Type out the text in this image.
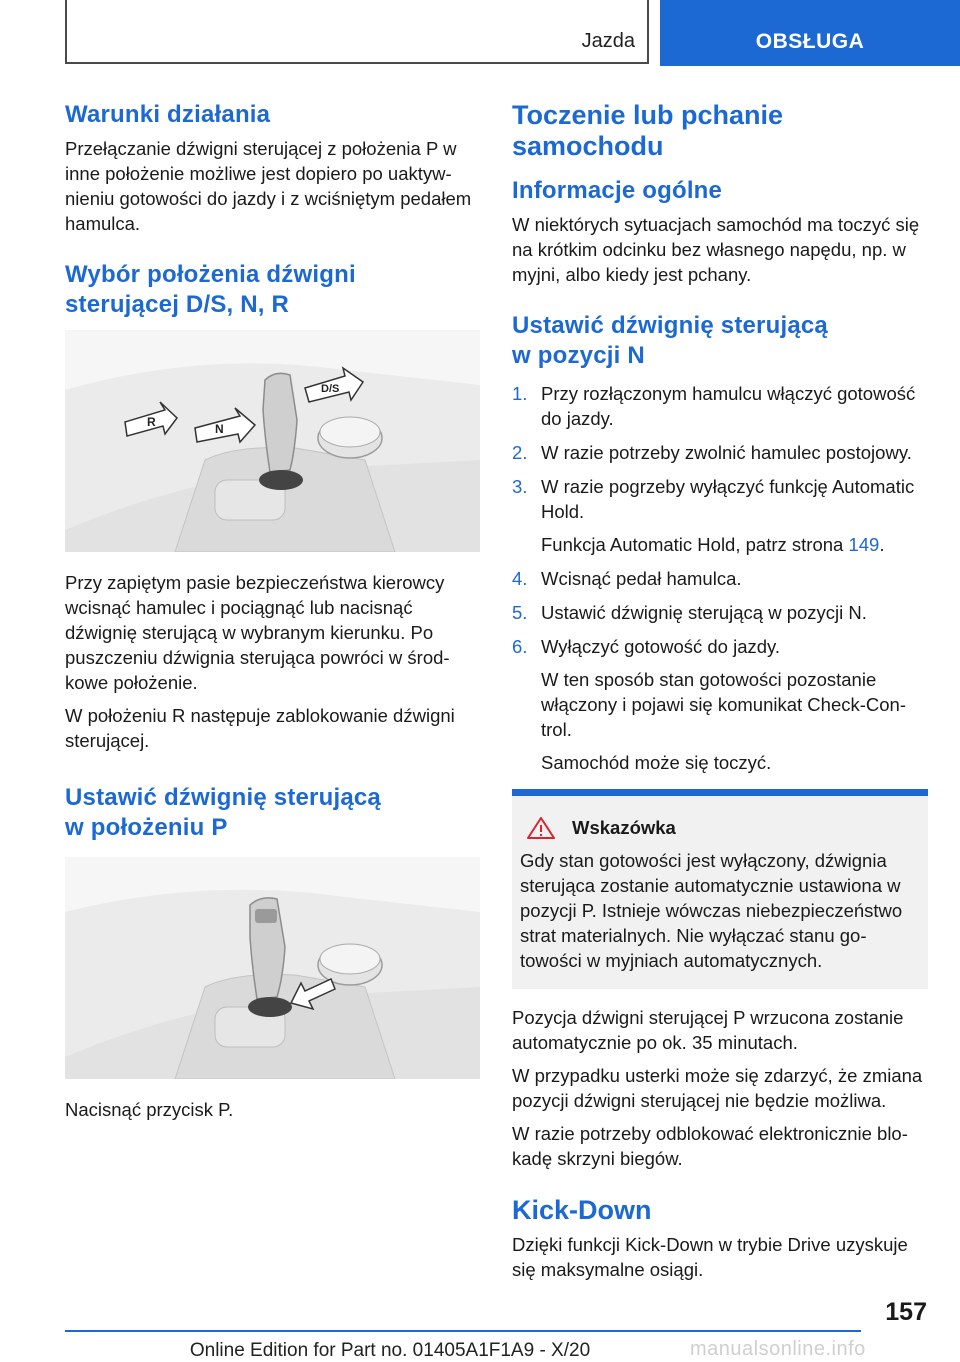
Jazda	OBSŁUGA
Warunki działania

Przełączanie dźwigni sterującej z położenia P w inne położenie możliwe jest dopiero po uaktywnieniu gotowości do jazdy i z wciśniętym pedałem hamulca.

Wybór położenia dźwigni sterującej D/S, N, R
R	N
D/S

Przy zapiętym pasie bezpieczeństwa kierowcy wcisnąć hamulec i pociągnąć lub nacisnąć dźwignię sterującą w wybranym kierunku. Po puszczeniu dźwignia sterująca powróci w środkowe położenie.

W położeniu R następuje zablokowanie dźwigni sterującej.

Ustawić dźwignię sterującą
w położeniu P

Nacisnąć przycisk P.

Toczenie lub pchanie
samochodu
Informacje ogólne

W niektórych sytuacjach samochód ma toczyć się na krótkim odcinku bez własnego napędu, np. w myjni, albo kiedy jest pchany.

Ustawić dźwignię sterującą
w pozycji N
1. Przy rozłączonym hamulcu włączyć gotowość do jazdy.
2. W razie potrzeby zwolnić hamulec postojowy.
3. W razie pogrzeby wyłączyć funkcję Automatic Hold.
Funkcja Automatic Hold, patrz strona 149.
4. Wcisnąć pedał hamulca.
5. Ustawić dźwignię sterującą w pozycji N.
6. Wyłączyć gotowość do jazdy.
W ten sposób stan gotowości pozostanie włączony i pojawi się komunikat Check-Control.
Samochód może się toczyć.
Wskazówka

Gdy stan gotowości jest wyłączony, dźwignia sterująca zostanie automatycznie ustawiona w pozycji P. Istnieje wówczas niebezpieczeństwo strat materialnych. Nie wyłączać stanu gotowości w myjniach automatycznych.

Pozycja dźwigni sterującej P wrzucona zostanie automatycznie po ok. 35 minutach.

W przypadku usterki może się zdarzyć, że zmiana pozycji dźwigni sterującej nie będzie możliwa.

W razie potrzeby odblokować elektronicznie blokadę skrzyni biegów.

Kick-Down

Dzięki funkcji Kick-Down w trybie Drive uzyskuje się maksymalne osiągi.

157
Online Edition for Part no. 01405A1F1A9 - X/20	manualsonline.info
